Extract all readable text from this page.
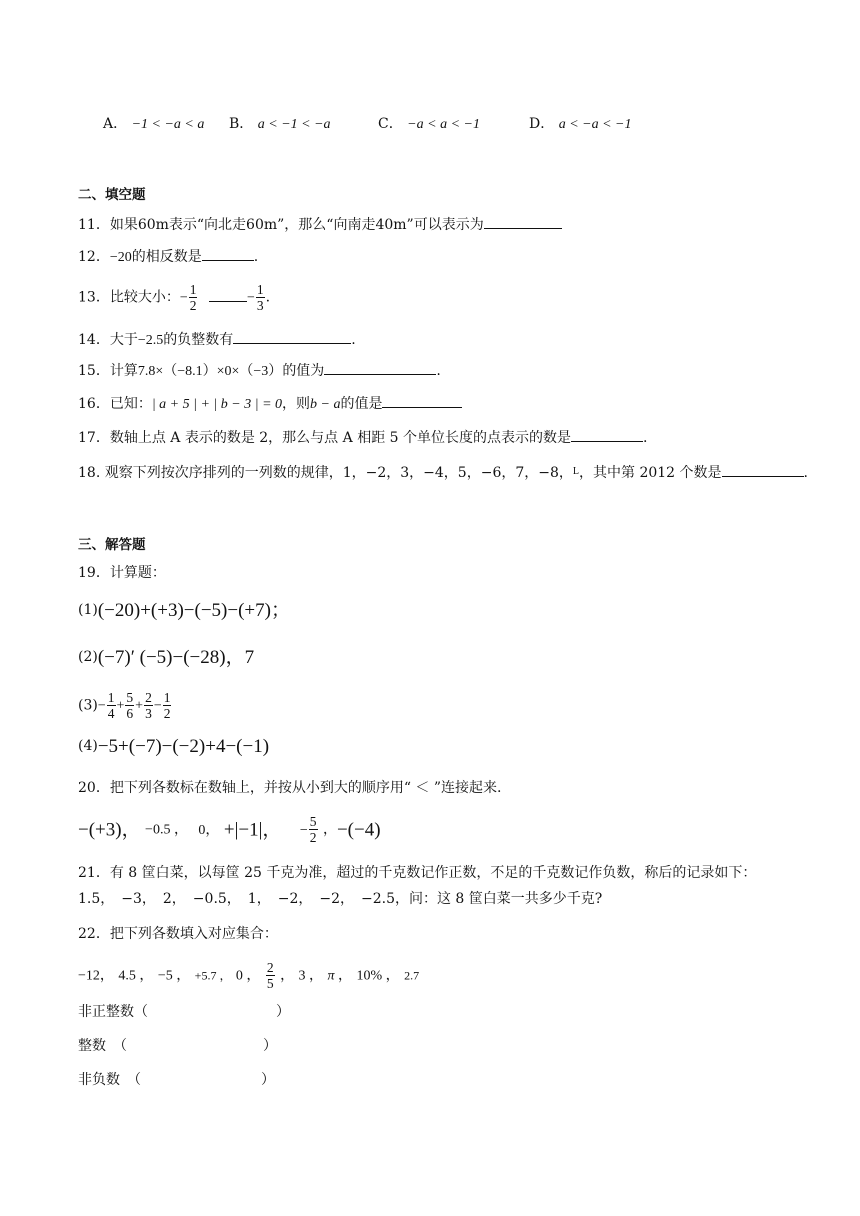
A． −1 < −a < a B． a < −1 < −a	C． −a < a < −1	D． a < −a < −1
二、填空题
11．如果60m表示“向北走60m”，那么“向南走40m”可以表示为
12．−20的相反数是	.
13．比较大小：− $\frac{1}{2}$	− $\frac{1}{3}$ .
14．大于−2.5的负整数有	.
15．计算7.8×（−8.1）×0×（−3）的值为	.
16．已知：| a + 5 | + | b − 3 | = 0，则b − a的值是
17．数轴上点 A 表示的数是 2，那么与点 A 相距 5 个单位长度的点表示的数是	.
18. 观察下列按次序排列的一列数的规律，1，−2，3，−4，5，−6，7，−8，$^L$，其中第 2012 个数是	.
三、解答题
19．计算题：
(1)(−20)+(+3)−(−5)−(+7)；
(2)(−7)′ (−5)−(−28)，7
$(3)- \frac{1}{4} + \frac{5}{6} + \frac{2}{3} - \frac{1}{2}$
(4)−5+(−7)−(−2)+4−(−1)
20．把下列各数标在数轴上，并按从小到大的顺序用“ ＜ ”连接起来.
−(+3)， −0.5 ， 0， +|−1|， − $\frac{5}{2}$ ，−(−4)
21．有 8 筐白菜，以每筐 25 千克为准，超过的千克数记作正数，不足的千克数记作负数，称后的记录如下：
1.5，　−3，　2，　−0.5，　1，　−2，　−2，　−2.5，问：这 8 筐白菜一共多少千克?
22．把下列各数填入对应集合：
−12， 4.5 ， −5 ， +5.7 ， 0 ， $\frac{2}{5}$ ， 3 ， π ， 10% ， 2.7
非正整数（	）
整数　（	）
非负数　（	）
